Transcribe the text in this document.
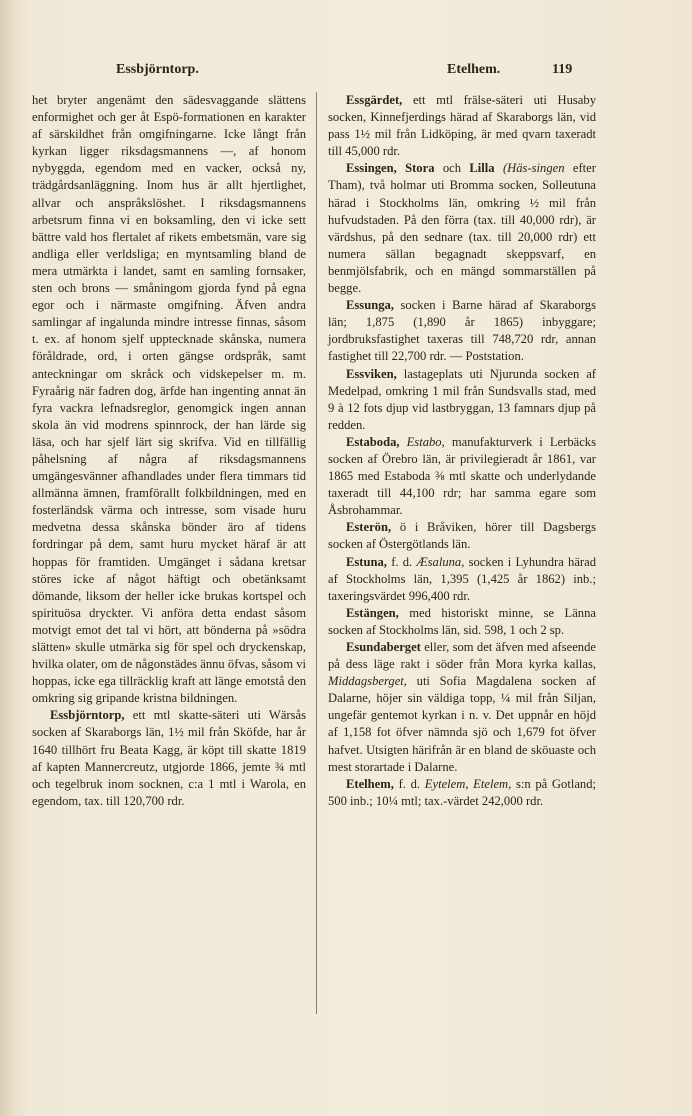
Essbjörntorp.	Etelhem.	119

het bryter angenämt den sädesvaggande slättens enformighet och ger åt Espö-formationen en karakter af särskildhet från omgifningarne. Icke långt från kyrkan ligger riksdagsmannens —, af honom nybyggda, egendom med en vacker, också ny, trädgårdsanläggning. Inom hus är allt hjertlighet, allvar och anspråkslöshet. I riksdagsmannens arbetsrum finna vi en boksamling, den vi icke sett bättre vald hos flertalet af rikets embetsmän, vare sig andliga eller verldsliga; en myntsamling bland de mera utmärkta i landet, samt en samling fornsaker, sten och brons — småningom gjorda fynd på egna egor och i närmaste omgifning. Äfven andra samlingar af ingalunda mindre intresse finnas, såsom t. ex. af honom sjelf upptecknade skånska, numera föråldrade, ord, i orten gängse ordspråk, samt anteckningar om skråck och vidskepelser m. m. Fyraårig när fadren dog, ärfde han ingenting annat än fyra vackra lefnadsreglor, genomgick ingen annan skola än vid modrens spinnrock, der han lärde sig läsa, och har sjelf lärt sig skrifva. Vid en tillfällig påhelsning af några af riksdagsmannens umgängesvänner afhandlades under flera timmars tid allmänna ämnen, framförallt folkbildningen, med en fosterländsk värma och intresse, som visade huru medvetna dessa skånska bönder äro af tidens fordringar på dem, samt huru mycket häraf är att hoppas för framtiden. Umgänget i sådana kretsar störes icke af något häftigt och obetänksamt dömande, liksom der heller icke brukas kortspel och spirituösa dryckter. Vi anföra detta endast såsom motvigt emot det tal vi hört, att bönderna på »södra slätten» skulle utmärka sig för spel och dryckenskap, hvilka olater, om de någonstädes ännu öfvas, såsom vi hoppas, icke ega tillräcklig kraft att länge emotstå den omkring sig gripande kristna bildningen.

Essbjörntorp, ett mtl skatte-säteri uti Wärsås socken af Skaraborgs län, 1½ mil från Sköfde, har år 1640 tillhört fru Beata Kagg, är köpt till skatte 1819 af kapten Mannercreutz, utgjorde 1866, jemte ¾ mtl och tegelbruk inom socknen, c:a 1 mtl i Warola, en egendom, tax. till 120,700 rdr.

Essgärdet, ett mtl frälse-säteri uti Husaby socken, Kinnefjerdings härad af Skaraborgs län, vid pass 1½ mil från Lidköping, är med qvarn taxeradt till 45,000 rdr.

Essingen, Stora och Lilla (Häs-singen efter Tham), två holmar uti Bromma socken, Solleutuna härad i Stockholms län, omkring ½ mil från hufvudstaden. På den förra (tax. till 40,000 rdr), är värdshus, på den sednare (tax. till 20,000 rdr) ett numera sällan begagnadt skeppsvarf, en benmjölsfabrik, och en mängd sommarställen på begge.

Essunga, socken i Barne härad af Skaraborgs län; 1,875 (1,890 år 1865) inbyggare; jordbruksfastighet taxeras till 748,720 rdr, annan fastighet till 22,700 rdr. — Poststation.

Essviken, lastageplats uti Njurunda socken af Medelpad, omkring 1 mil från Sundsvalls stad, med 9 à 12 fots djup vid lastbryggan, 13 famnars djup på redden.

Estaboda, Estabo, manufakturverk i Lerbäcks socken af Örebro län, är privilegieradt år 1861, var 1865 med Estaboda ⅜ mtl skatte och underlydande taxeradt till 44,100 rdr; har samma egare som Åsbrohammar.

Esterön, ö i Bråviken, hörer till Dagsbergs socken af Östergötlands län.

Estuna, f. d. Æsaluna, socken i Lyhundra härad af Stockholms län, 1,395 (1,425 år 1862) inb.; taxeringsvärdet 996,400 rdr.

Estängen, med historiskt minne, se Länna socken af Stockholms län, sid. 598, 1 och 2 sp.

Esundaberget eller, som det äfven med afseende på dess läge rakt i söder från Mora kyrka kallas, Middagsberget, uti Sofia Magdalena socken af Dalarne, höjer sin väldiga topp, ¼ mil från Siljan, ungefär gentemot kyrkan i n. v. Det uppnår en höjd af 1,158 fot öfver nämnda sjö och 1,679 fot öfver hafvet. Utsigten härifrån är en bland de sköuaste och mest storartade i Dalarne.

Etelhem, f. d. Eytelem, Etelem, s:n på Gotland; 500 inb.; 10¼ mtl; tax.-värdet 242,000 rdr.
